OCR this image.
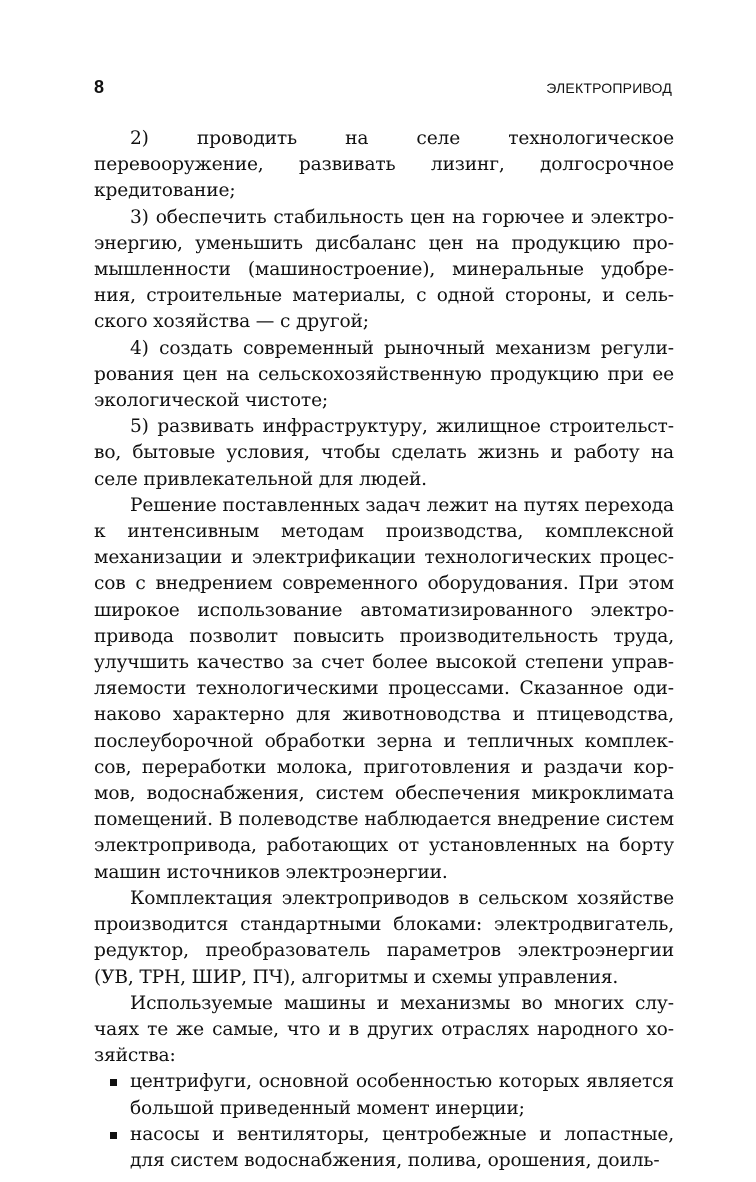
8	ЭЛЕКТРОПРИВОД

2) проводить на селе технологическое перевооружение, развивать лизинг, долгосрочное кредитование;

3) обеспечить стабильность цен на горючее и электроэнергию, уменьшить дисбаланс цен на продукцию промышленности (машиностроение), минеральные удобрения, строительные материалы, с одной стороны, и сельского хозяйства — с другой;

4) создать современный рыночный механизм регулирования цен на сельскохозяйственную продукцию при ее экологической чистоте;

5) развивать инфраструктуру, жилищное строительство, бытовые условия, чтобы сделать жизнь и работу на селе привлекательной для людей.

Решение поставленных задач лежит на путях перехода к интенсивным методам производства, комплексной механизации и электрификации технологических процессов с внедрением современного оборудования. При этом широкое использование автоматизированного электропривода позволит повысить производительность труда, улучшить качество за счет более высокой степени управляемости технологическими процессами. Сказанное одинаково характерно для животноводства и птицеводства, послеуборочной обработки зерна и тепличных комплексов, переработки молока, приготовления и раздачи кормов, водоснабжения, систем обеспечения микроклимата помещений. В полеводстве наблюдается внедрение систем электропривода, работающих от установленных на борту машин источников электроэнергии.

Комплектация электроприводов в сельском хозяйстве производится стандартными блоками: электродвигатель, редуктор, преобразователь параметров электроэнергии (УВ, ТРН, ШИР, ПЧ), алгоритмы и схемы управления.

Используемые машины и механизмы во многих случаях те же самые, что и в других отраслях народного хозяйства:

центрифуги, основной особенностью которых является большой приведенный момент инерции;
насосы и вентиляторы, центробежные и лопастные, для систем водоснабжения, полива, орошения, доиль-
